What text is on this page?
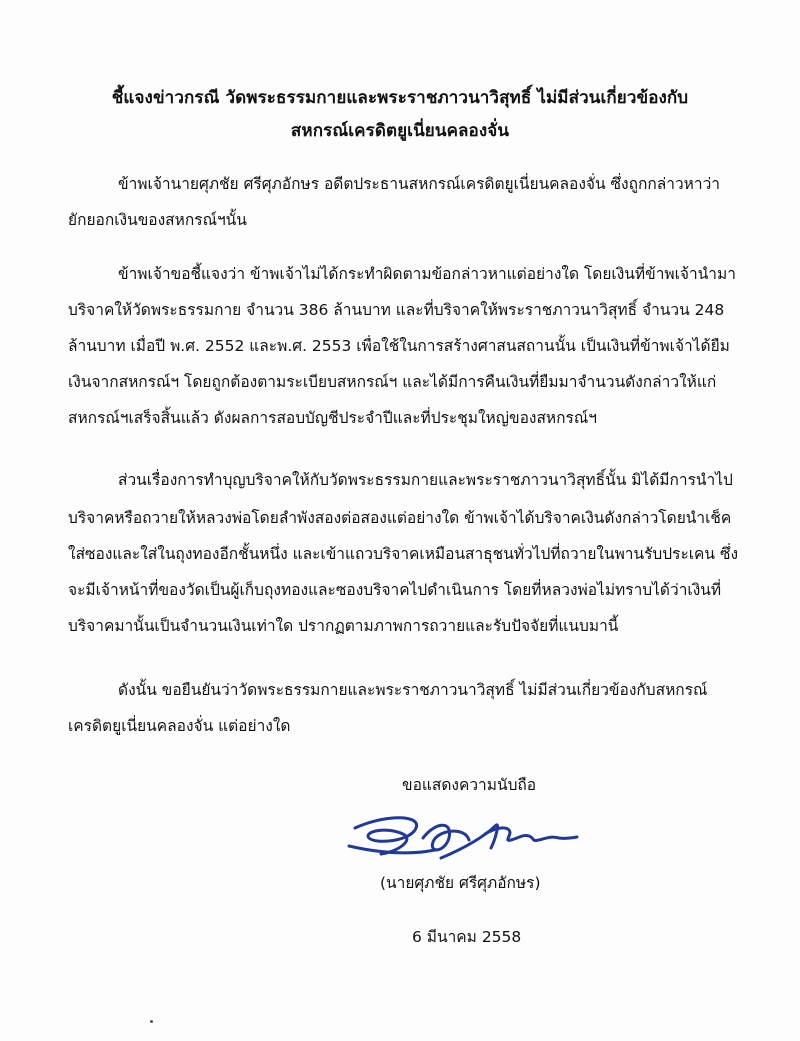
ชี้แจงข่าวกรณี วัดพระธรรมกายและพระราชภาวนาวิสุทธิ์ ไม่มีส่วนเกี่ยวข้องกับ
สหกรณ์เครดิตยูเนี่ยนคลองจั่น
ข้าพเจ้านายศุภชัย ศรีศุภอักษร อดีตประธานสหกรณ์เครดิตยูเนี่ยนคลองจั่น ซึ่งถูกกล่าวหาว่า
ยักยอกเงินของสหกรณ์ฯนั้น
ข้าพเจ้าขอชี้แจงว่า ข้าพเจ้าไม่ได้กระทำผิดตามข้อกล่าวหาแต่อย่างใด โดยเงินที่ข้าพเจ้านำมา
บริจาคให้วัดพระธรรมกาย จำนวน 386 ล้านบาท และที่บริจาคให้พระราชภาวนาวิสุทธิ์ จำนวน 248
ล้านบาท เมื่อปี พ.ศ. 2552 และพ.ศ. 2553 เพื่อใช้ในการสร้างศาสนสถานนั้น เป็นเงินที่ข้าพเจ้าได้ยืม
เงินจากสหกรณ์ฯ โดยถูกต้องตามระเบียบสหกรณ์ฯ และได้มีการคืนเงินที่ยืมมาจำนวนดังกล่าวให้แก่
สหกรณ์ฯเสร็จสิ้นแล้ว ดังผลการสอบบัญชีประจำปีและที่ประชุมใหญ่ของสหกรณ์ฯ
ส่วนเรื่องการทำบุญบริจาคให้กับวัดพระธรรมกายและพระราชภาวนาวิสุทธิ์นั้น มิได้มีการนำไป
บริจาคหรือถวายให้หลวงพ่อโดยลำพังสองต่อสองแต่อย่างใด ข้าพเจ้าได้บริจาคเงินดังกล่าวโดยนำเช็ค
ใส่ซองและใส่ในถุงทองอีกชั้นหนึ่ง และเข้าแถวบริจาคเหมือนสาธุชนทั่วไปที่ถวายในพานรับประเคน ซึ่ง
จะมีเจ้าหน้าที่ของวัดเป็นผู้เก็บถุงทองและซองบริจาคไปดำเนินการ โดยที่หลวงพ่อไม่ทราบได้ว่าเงินที่
บริจาคมานั้นเป็นจำนวนเงินเท่าใด ปรากฏตามภาพการถวายและรับปัจจัยที่แนบมานี้
ดังนั้น ขอยืนยันว่าวัดพระธรรมกายและพระราชภาวนาวิสุทธิ์ ไม่มีส่วนเกี่ยวข้องกับสหกรณ์
เครดิตยูเนี่ยนคลองจั่น แต่อย่างใด
ขอแสดงความนับถือ
(นายศุภชัย ศรีศุภอักษร)
6 มีนาคม 2558
